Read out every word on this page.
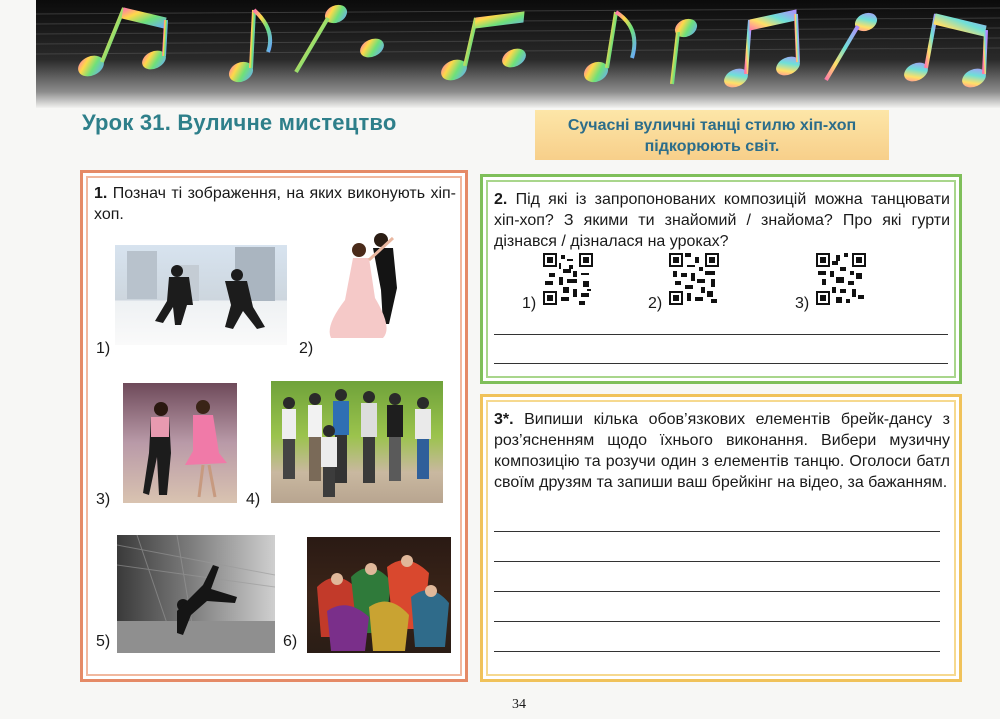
Урок 31. Вуличне мистецтво	Сучасні вуличні танці стилю хіп-хоп підкорюють світ.
1. Познач ті зображення, на яких виконують хіп-хоп.
1)	2)
3)	4)
5)	6)
2. Під які із запропонованих композицій можна танцювати хіп-хоп? З якими ти знайомий / знайома? Про які гурти дізнався / дізналася на уроках?
1)	2)	3)
3*. Випиши кілька обов’язкових елементів брейк-дансу з роз’ясненням щодо їхнього виконання. Вибери музичну композицію та розучи один з елементів танцю. Оголоси батл своїм друзям та запиши ваш брейкінг на відео, за бажанням.
34
